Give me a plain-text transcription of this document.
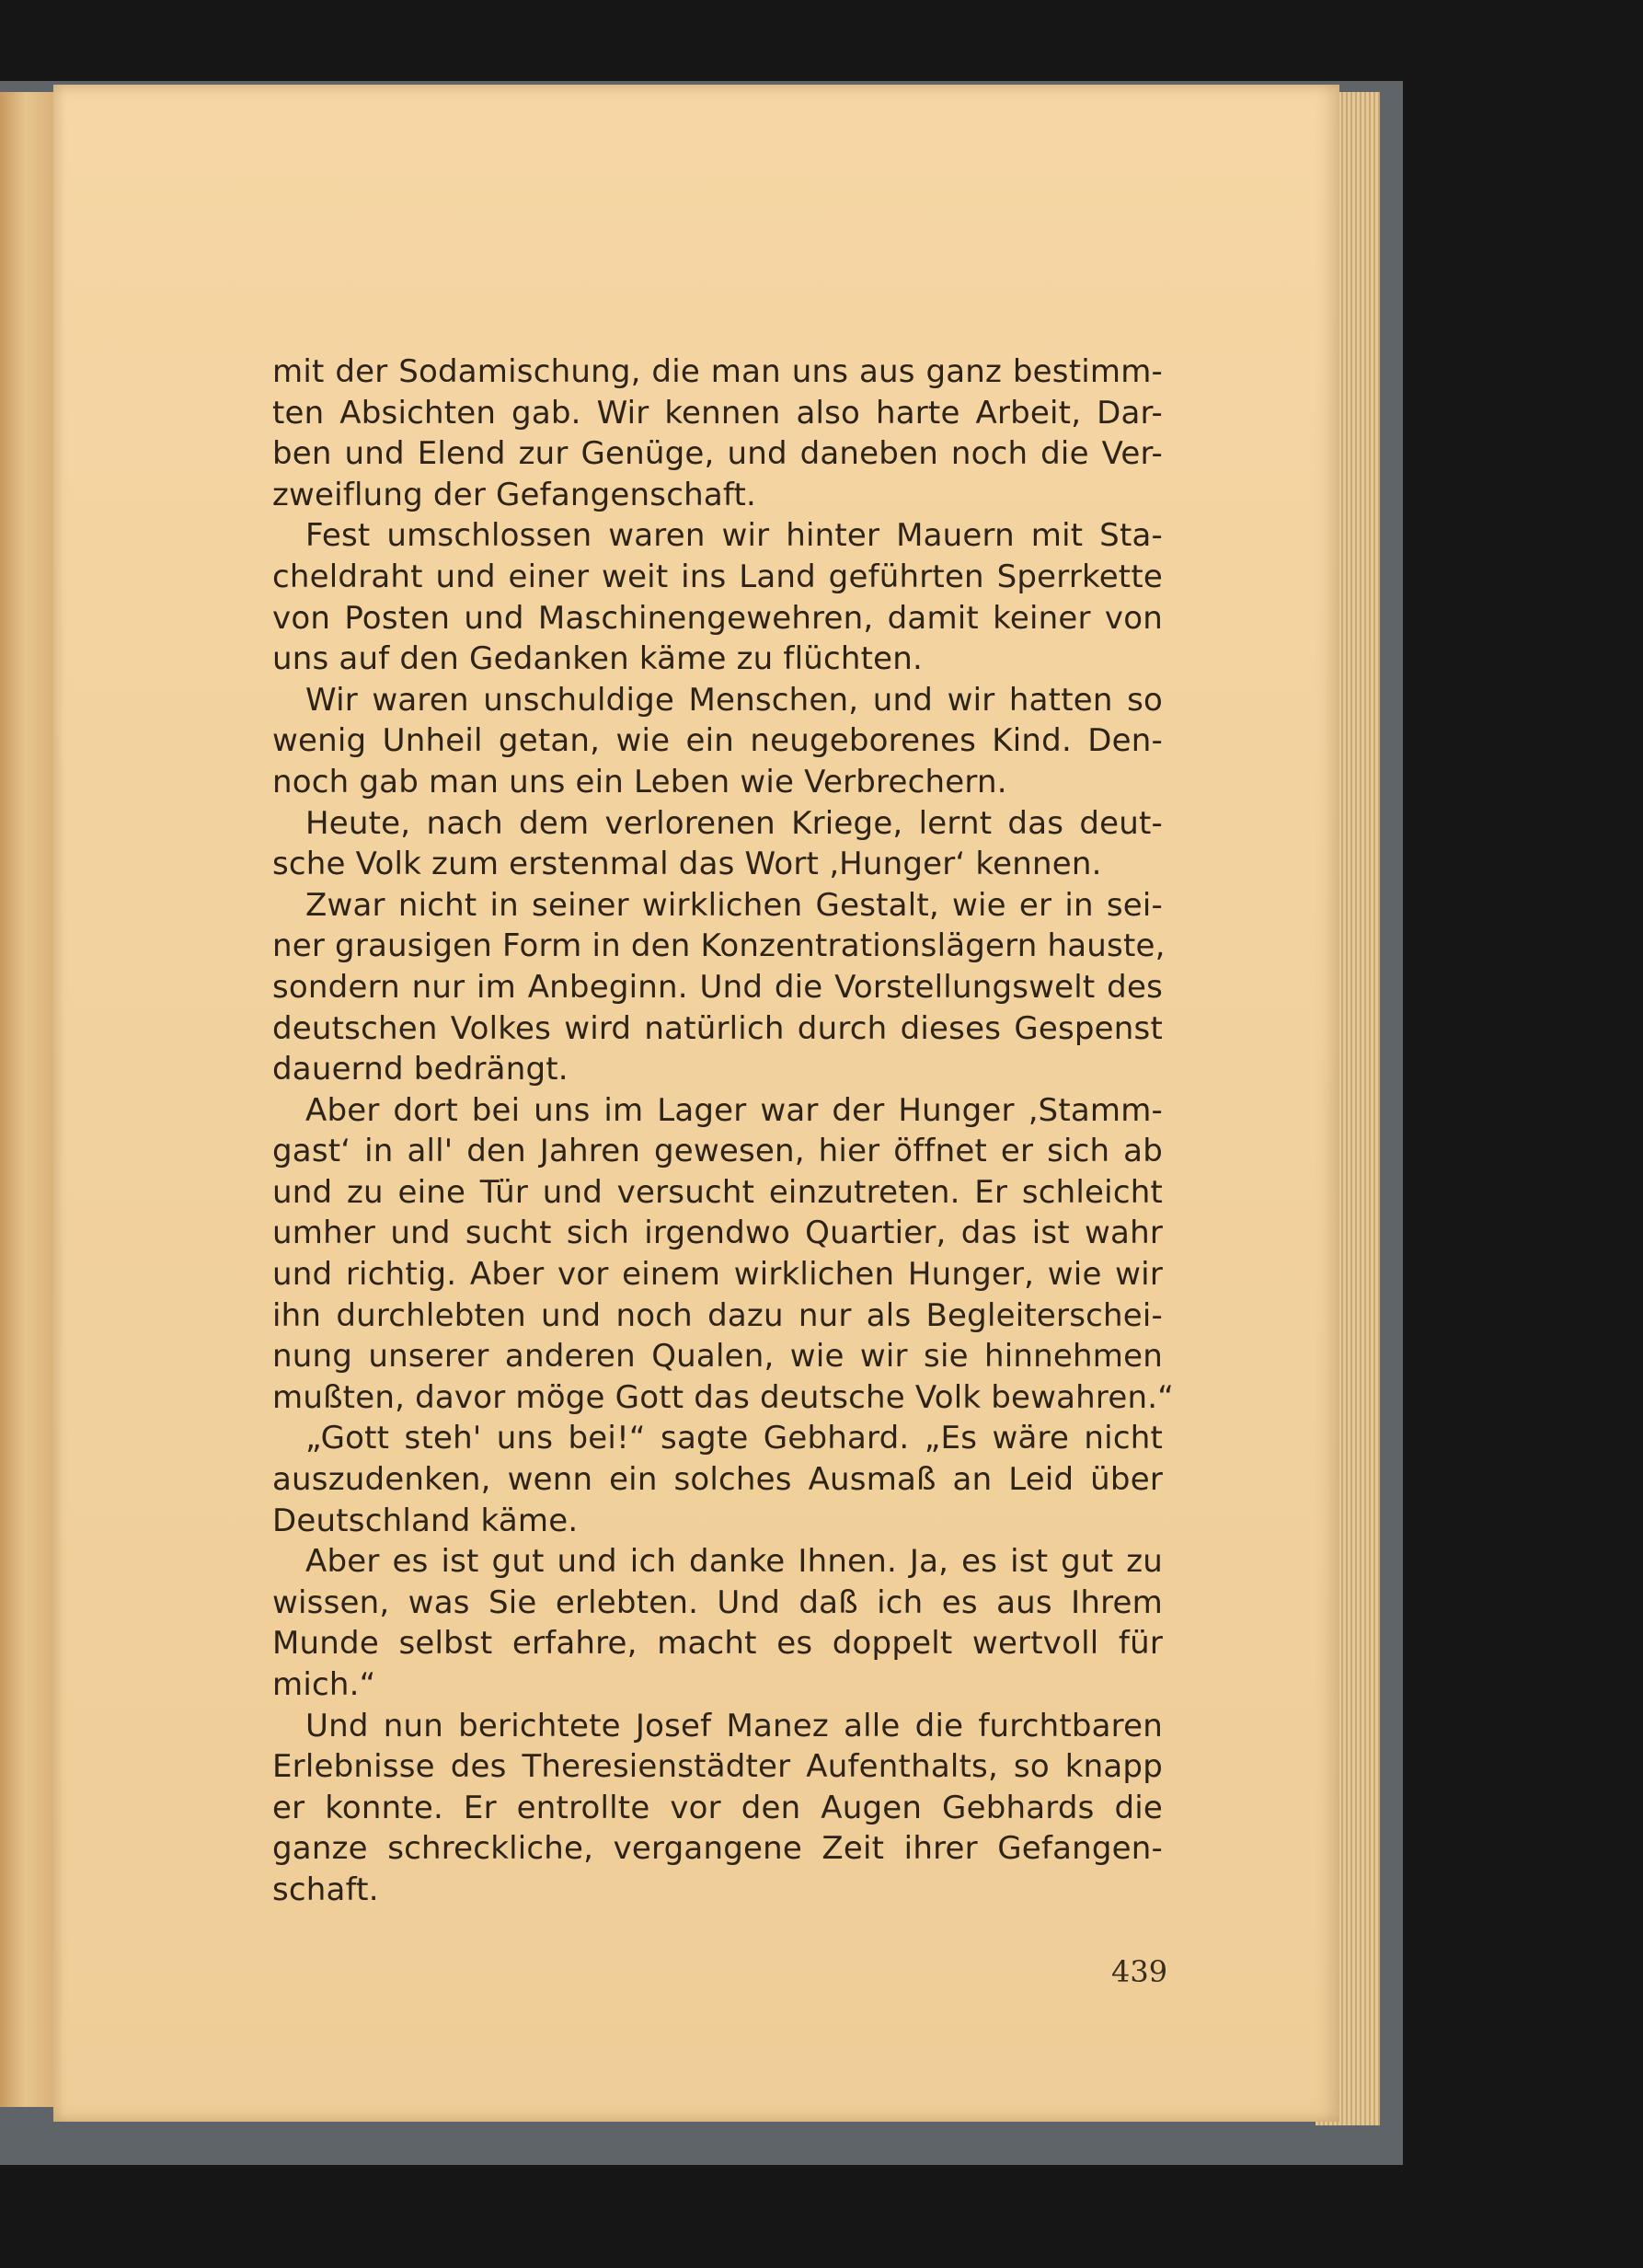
mit der Sodamischung, die man uns aus ganz bestimm-
ten Absichten gab. Wir kennen also harte Arbeit, Dar-
ben und Elend zur Genüge, und daneben noch die Ver-
zweiflung der Gefangenschaft.
Fest umschlossen waren wir hinter Mauern mit Sta-
cheldraht und einer weit ins Land geführten Sperrkette
von Posten und Maschinengewehren, damit keiner von
uns auf den Gedanken käme zu flüchten.
Wir waren unschuldige Menschen, und wir hatten so
wenig Unheil getan, wie ein neugeborenes Kind. Den-
noch gab man uns ein Leben wie Verbrechern.
Heute, nach dem verlorenen Kriege, lernt das deut-
sche Volk zum erstenmal das Wort ‚Hunger‘ kennen.
Zwar nicht in seiner wirklichen Gestalt, wie er in sei-
ner grausigen Form in den Konzentrationslägern hauste,
sondern nur im Anbeginn. Und die Vorstellungswelt des
deutschen Volkes wird natürlich durch dieses Gespenst
dauernd bedrängt.
Aber dort bei uns im Lager war der Hunger ‚Stamm-
gast‘ in all' den Jahren gewesen, hier öffnet er sich ab
und zu eine Tür und versucht einzutreten. Er schleicht
umher und sucht sich irgendwo Quartier, das ist wahr
und richtig. Aber vor einem wirklichen Hunger, wie wir
ihn durchlebten und noch dazu nur als Begleiterschei-
nung unserer anderen Qualen, wie wir sie hinnehmen
mußten, davor möge Gott das deutsche Volk bewahren.“
„Gott steh' uns bei!“ sagte Gebhard. „Es wäre nicht
auszudenken, wenn ein solches Ausmaß an Leid über
Deutschland käme.
Aber es ist gut und ich danke Ihnen. Ja, es ist gut zu
wissen, was Sie erlebten. Und daß ich es aus Ihrem
Munde selbst erfahre, macht es doppelt wertvoll für
mich.“
Und nun berichtete Josef Manez alle die furchtbaren
Erlebnisse des Theresienstädter Aufenthalts, so knapp
er konnte. Er entrollte vor den Augen Gebhards die
ganze schreckliche, vergangene Zeit ihrer Gefangen-
schaft.
439
